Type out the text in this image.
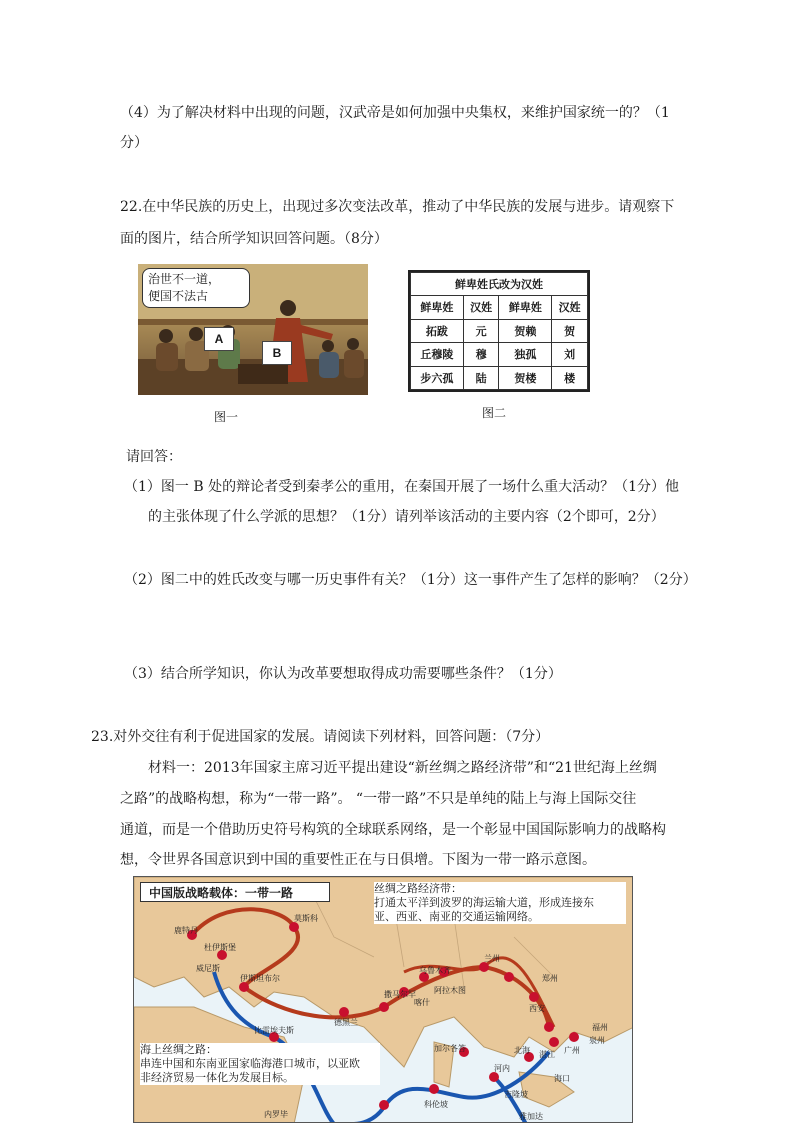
（4）为了解决材料中出现的问题，汉武帝是如何加强中央集权，来维护国家统一的？（1
分）
22.在中华民族的历史上，出现过多次变法改革，推动了中华民族的发展与进步。请观察下
面的图片，结合所学知识回答问题。（8分）
治世不一道，
便国不法古
A
B
图一
鲜卑姓氏改为汉姓			
鲜卑姓	汉姓	鲜卑姓	汉姓
拓跋	元	贺赖	贺
丘穆陵	穆	独孤	刘
步六孤	陆	贺楼	楼
图二
请回答：
（1）图一 B 处的辩论者受到秦孝公的重用，在秦国开展了一场什么重大活动？（1分）他
的主张体现了什么学派的思想？（1分）请列举该活动的主要内容（2个即可，2分）
（2）图二中的姓氏改变与哪一历史事件有关？（1分）这一事件产生了怎样的影响？（2分）
（3）结合所学知识，你认为改革要想取得成功需要哪些条件？（1分）
23.对外交往有利于促进国家的发展。请阅读下列材料，回答问题：（7分）
材料一：2013年国家主席习近平提出建设“新丝绸之路经济带”和“21世纪海上丝绸
之路”的战略构想，称为“一带一路”。 “一带一路”不只是单纯的陆上与海上国际交往
通道，而是一个借助历史符号构筑的全球联系网络，是一个彰显中国国际影响力的战略构
想，令世界各国意识到中国的重要性正在与日俱增。下图为一带一路示意图。
中国版战略载体：一带一路	丝绸之路经济带：
打通太平洋到波罗的海运输大道，形成连接东
亚、西亚、南亚的交通运输网络。
海上丝绸之路：
串连中国和东南亚国家临海港口城市，以亚欧
非经济贸易一体化为发展目标。
鹿特丹
莫斯科
杜伊斯堡
伊斯坦布尔
德黑兰
撒马尔罕
喀什
阿拉木图
乌鲁木齐
兰州
西安
郑州
北海 湛江 广州
泉州
福州
海口
河内
加尔各答
科伦坡
吉隆坡
雅加达
内罗毕
比雷埃夫斯
威尼斯
